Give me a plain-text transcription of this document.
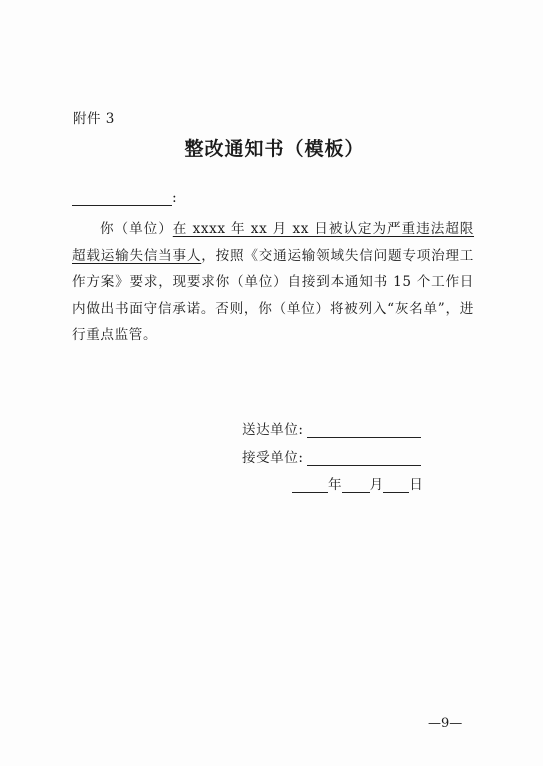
附件 3
整改通知书（模板）
:

你（单位）在 xxxx 年 xx 月 xx 日被认定为严重违法超限超载运输失信当事人，按照《交通运输领域失信问题专项治理工作方案》要求，现要求你（单位）自接到本通知书 15 个工作日内做出书面守信承诺。否则，你（单位）将被列入“灰名单”，进行重点监管。

送达单位:
接受单位:
年 月 日
—9—
